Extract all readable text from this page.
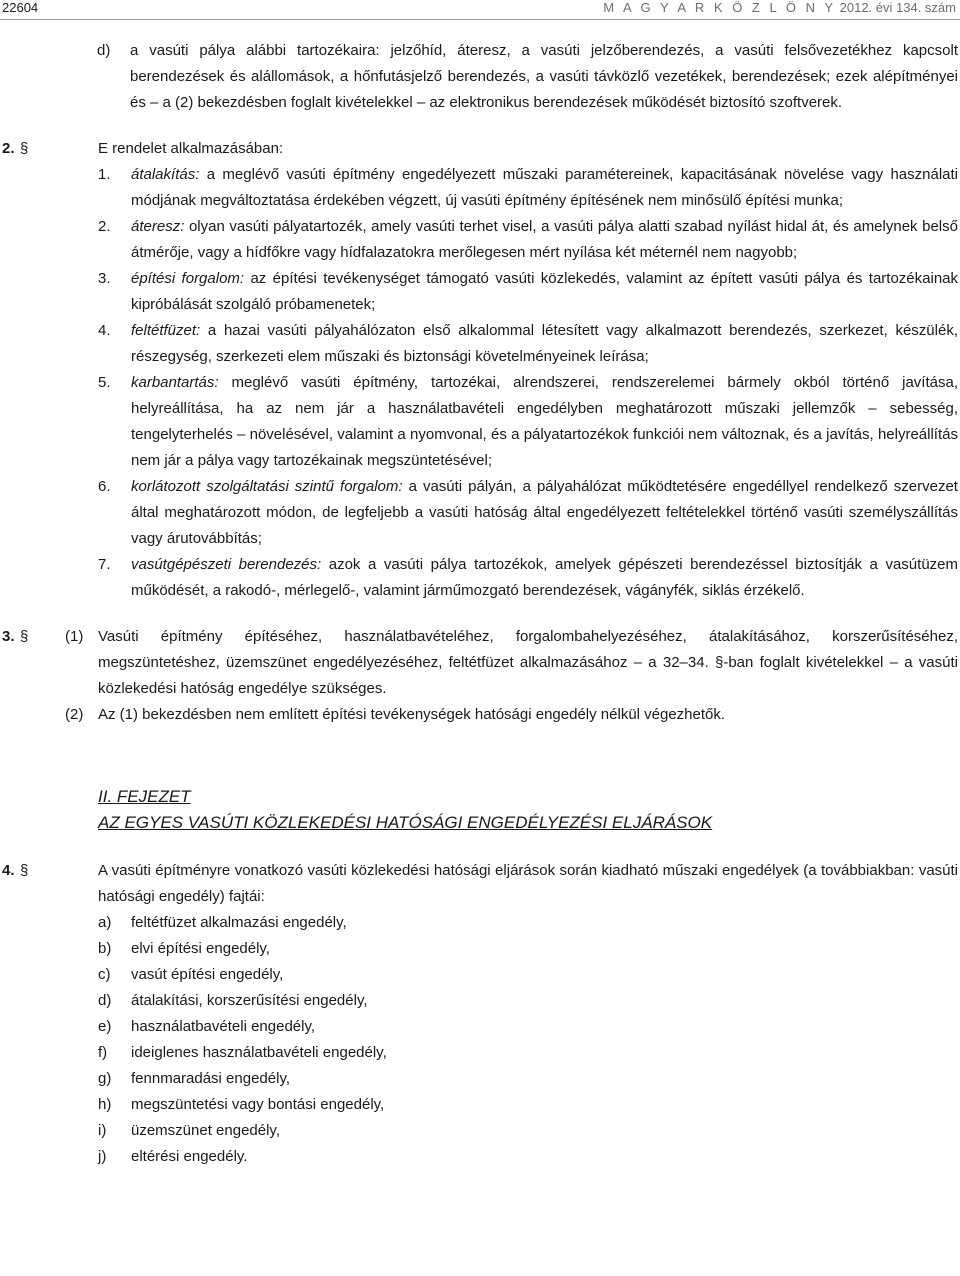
22604	M A G Y A R K Ö Z L Ö N Y 2012. évi 134. szám
d) a vasúti pálya alábbi tartozékaira: jelzőhíd, áteresz, a vasúti jelzőberendezés, a vasúti felsővezetékhez kapcsolt berendezések és alállomások, a hőnfutásjelző berendezés, a vasúti távközlő vezetékek, berendezések; ezek alépítményei és – a (2) bekezdésben foglalt kivételekkel – az elektronikus berendezések működését biztosító szoftverek.
2. §	E rendelet alkalmazásában:
1. átalakítás: a meglévő vasúti építmény engedélyezett műszaki paramétereinek, kapacitásának növelése vagy használati módjának megváltoztatása érdekében végzett, új vasúti építmény építésének nem minősülő építési munka;
2. áteresz: olyan vasúti pályatartozék, amely vasúti terhet visel, a vasúti pálya alatti szabad nyílást hidal át, és amelynek belső átmérője, vagy a hídfőkre vagy hídfalazatokra merőlegesen mért nyílása két méternél nem nagyobb;
3. építési forgalom: az építési tevékenységet támogató vasúti közlekedés, valamint az épített vasúti pálya és tartozékainak kipróbálását szolgáló próbamenetek;
4. feltétfüzet: a hazai vasúti pályahálózaton első alkalommal létesített vagy alkalmazott berendezés, szerkezet, készülék, részegység, szerkezeti elem műszaki és biztonsági követelményeinek leírása;
5. karbantartás: meglévő vasúti építmény, tartozékai, alrendszerei, rendszerelemei bármely okból történő javítása, helyreállítása, ha az nem jár a használatbavételi engedélyben meghatározott műszaki jellemzők – sebesség, tengelyterhelés – növelésével, valamint a nyomvonal, és a pályatartozékok funkciói nem változnak, és a javítás, helyreállítás nem jár a pálya vagy tartozékainak megszüntetésével;
6. korlátozott szolgáltatási szintű forgalom: a vasúti pályán, a pályahálózat működtetésére engedéllyel rendelkező szervezet által meghatározott módon, de legfeljebb a vasúti hatóság által engedélyezett feltételekkel történő vasúti személyszállítás vagy árutovábbítás;
7. vasútgépészeti berendezés: azok a vasúti pálya tartozékok, amelyek gépészeti berendezéssel biztosítják a vasútüzem működését, a rakodó-, mérlegelő-, valamint járműmozgató berendezések, vágányfék, siklás érzékelő.
3. § (1) Vasúti építmény építéséhez, használatbavételéhez, forgalombahelyezéséhez, átalakításához, korszerűsítéséhez, megszüntetéshez, üzemszünet engedélyezéséhez, feltétfüzet alkalmazásához – a 32–34. §-ban foglalt kivételekkel – a vasúti közlekedési hatóság engedélye szükséges.
(2) Az (1) bekezdésben nem említett építési tevékenységek hatósági engedély nélkül végezhetők.
II. FEJEZET
AZ EGYES VASÚTI KÖZLEKEDÉSI HATÓSÁGI ENGEDÉLYEZÉSI ELJÁRÁSOK
4. §	A vasúti építményre vonatkozó vasúti közlekedési hatósági eljárások során kiadható műszaki engedélyek (a továbbiakban: vasúti hatósági engedély) fajtái:
a) feltétfüzet alkalmazási engedély,
b) elvi építési engedély,
c) vasút építési engedély,
d) átalakítási, korszerűsítési engedély,
e) használatbavételi engedély,
f) ideiglenes használatbavételi engedély,
g) fennmaradási engedély,
h) megszüntetési vagy bontási engedély,
i) üzemszünet engedély,
j) eltérési engedély.
